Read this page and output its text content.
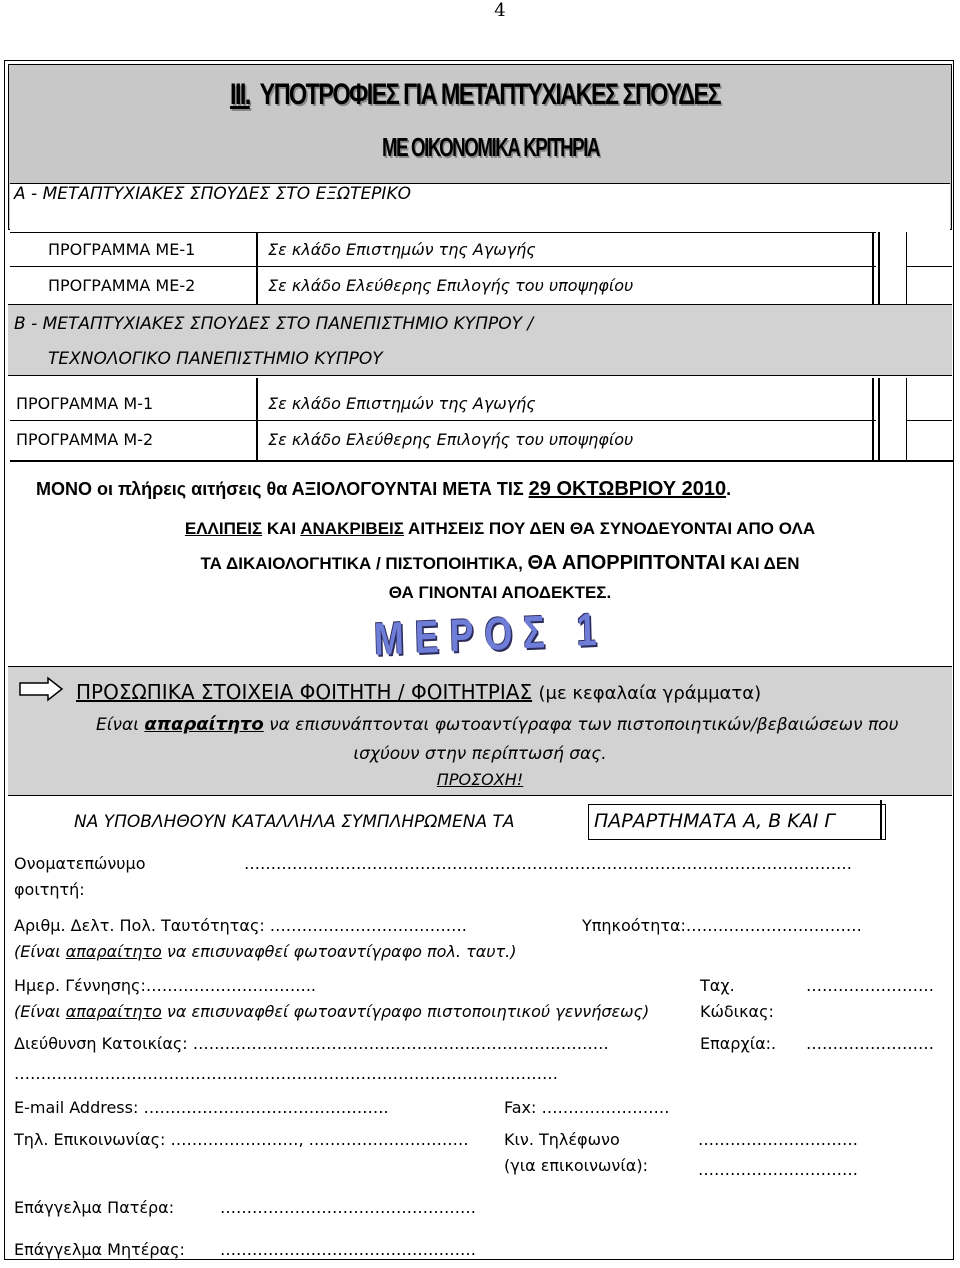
4
III. ΥΠΟΤΡΟΦΙΕΣ ΓΙΑ ΜΕΤΑΠΤΥΧΙΑΚΕΣ ΣΠΟΥΔΕΣ
ΜΕ ΟΙΚΟΝΟΜΙΚΑ ΚΡΙΤΗΡΙΑ
Α - ΜΕΤΑΠΤΥΧΙΑΚΕΣ ΣΠΟΥΔΕΣ ΣΤΟ ΕΞΩΤΕΡΙΚΟ
ΠΡΟΓΡΑΜΜΑ ΜΕ-1	Σε κλάδο Επιστημών της Αγωγής
ΠΡΟΓΡΑΜΜΑ ΜΕ-2	Σε κλάδο Ελεύθερης Επιλογής του υποψηφίου
Β - ΜΕΤΑΠΤΥΧΙΑΚΕΣ ΣΠΟΥΔΕΣ ΣΤΟ ΠΑΝΕΠΙΣΤΗΜΙΟ ΚΥΠΡΟΥ /
ΤΕΧΝΟΛΟΓΙΚΟ ΠΑΝΕΠΙΣΤΗΜΙΟ ΚΥΠΡΟΥ
ΠΡΟΓΡΑΜΜΑ Μ-1	Σε κλάδο Επιστημών της Αγωγής
ΠΡΟΓΡΑΜΜΑ Μ-2	Σε κλάδο Ελεύθερης Επιλογής του υποψηφίου
ΜΟΝΟ οι πλήρεις αιτήσεις θα ΑΞΙΟΛΟΓΟΥΝΤΑΙ ΜΕΤΑ ΤΙΣ 29 ΟΚΤΩΒΡΙΟΥ 2010.
ΕΛΛΙΠΕΙΣ ΚΑΙ ΑΝΑΚΡΙΒΕΙΣ ΑΙΤΗΣΕΙΣ ΠΟΥ ΔΕΝ ΘΑ ΣΥΝΟΔΕΥΟΝΤΑΙ ΑΠΟ ΟΛΑ
ΤΑ ΔΙΚΑΙΟΛΟΓΗΤΙΚΑ / ΠΙΣΤΟΠΟΙΗΤΙΚΑ, ΘΑ ΑΠΟΡΡΙΠΤΟΝΤΑΙ ΚΑΙ ΔΕΝ
ΘΑ ΓΙΝΟΝΤΑΙ ΑΠΟΔΕΚΤΕΣ.
ΜΕΡΟΣ 1
ΠΡΟΣΩΠΙΚΑ ΣΤΟΙΧΕΙΑ ΦΟΙΤΗΤΗ / ΦΟΙΤΗΤΡΙΑΣ (με κεφαλαία γράμματα)
Είναι απαραίτητο να επισυνάπτονται φωτοαντίγραφα των πιστοποιητικών/βεβαιώσεων που
ισχύουν στην περίπτωσή σας.
ΠΡΟΣΟΧΗ!
ΝΑ ΥΠΟΒΛΗΘΟΥΝ ΚΑΤΑΛΛΗΛΑ ΣΥΜΠΛΗΡΩΜΕΝΑ ΤΑ	ΠΑΡΑΡΤΗΜΑΤΑ Α, Β ΚΑΙ Γ
Ονοματεπώνυμο
φοιτητή:
……………………………………………………………………………………………………
Αριθμ. Δελτ. Πολ. Ταυτότητας: ……………………………….	Υπηκοότητα:……………………………
(Είναι απαραίτητο να επισυναφθεί φωτοαντίγραφο πολ. ταυτ.)
Ημερ. Γέννησης:…………………………..
(Είναι απαραίτητο να επισυναφθεί φωτοαντίγραφο πιστοποιητικού γεννήσεως)
Ταχ.
Κώδικας:
……………………
Διεύθυνση Κατοικίας: ……………………………………………………………………	Επαρχία:. ……………………
…………………………………………………………………………………………
E-mail Address: ……………………………………….	Fax: ……………………
Τηλ. Επικοινωνίας: ……………………, ………………………… Κιν. Τηλέφωνο
(για επικοινωνία):
…………………………
…………………………
Επάγγελμα Πατέρα:	…………………………………………
Επάγγελμα Μητέρας: …………………………………………
